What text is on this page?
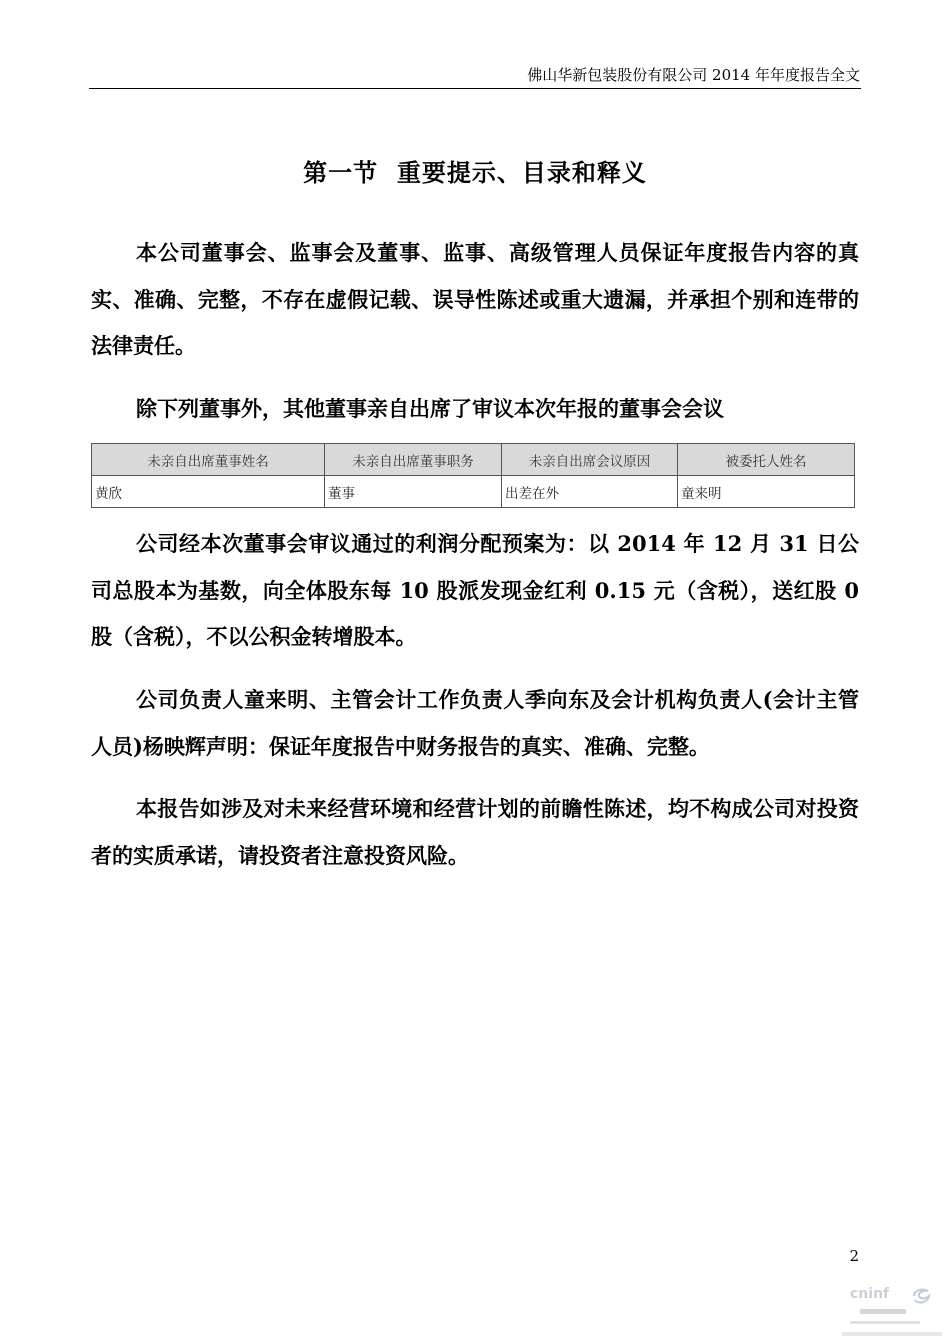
佛山华新包装股份有限公司 2014 年年度报告全文
第一节  重要提示、目录和释义

本公司董事会、监事会及董事、监事、高级管理人员保证年度报告内容的真实、准确、完整，不存在虚假记载、误导性陈述或重大遗漏，并承担个别和连带的法律责任。

除下列董事外，其他董事亲自出席了审议本次年报的董事会会议

未亲自出席董事姓名	未亲自出席董事职务	未亲自出席会议原因	被委托人姓名
黄欣	董事	出差在外	童来明

公司经本次董事会审议通过的利润分配预案为：以 2014 年 12 月 31 日公司总股本为基数，向全体股东每 10 股派发现金红利 0.15 元（含税），送红股 0 股（含税），不以公积金转增股本。

公司负责人童来明、主管会计工作负责人季向东及会计机构负责人(会计主管人员)杨映辉声明：保证年度报告中财务报告的真实、准确、完整。

本报告如涉及对未来经营环境和经营计划的前瞻性陈述，均不构成公司对投资者的实质承诺，请投资者注意投资风险。

2
cninf
